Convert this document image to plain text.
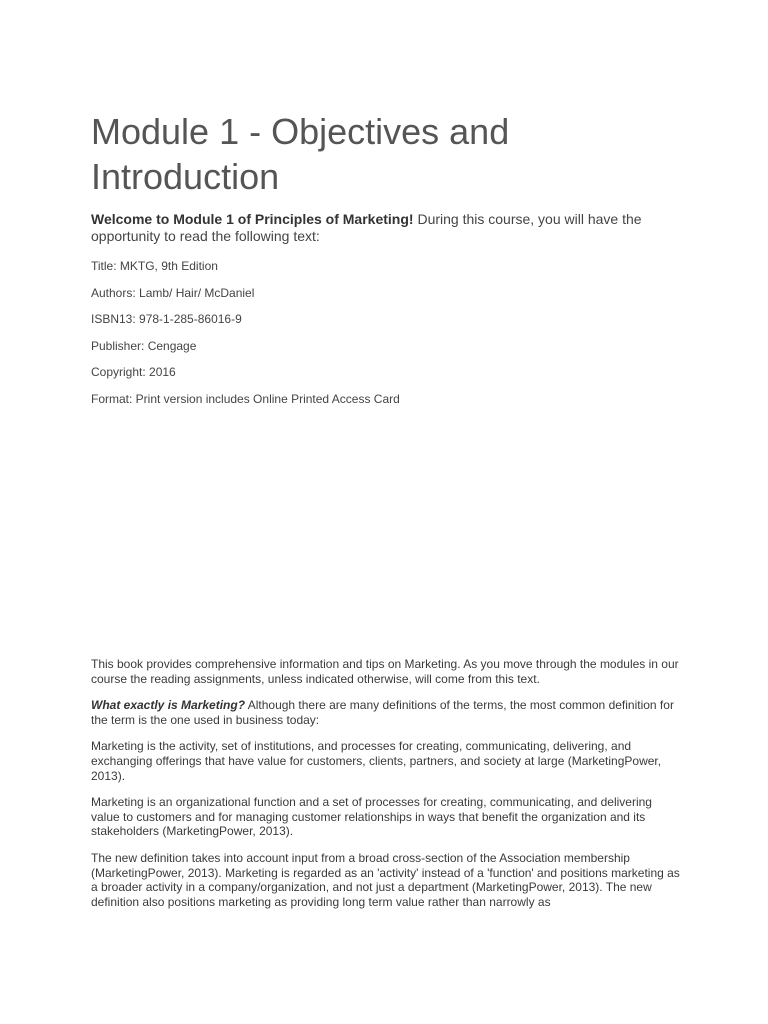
Module 1 - Objectives and Introduction

Welcome to Module 1 of Principles of Marketing! During this course, you will have the opportunity to read the following text:

Title: MKTG, 9th Edition

Authors: Lamb/ Hair/ McDaniel

ISBN13: 978-1-285-86016-9

Publisher: Cengage

Copyright: 2016

Format: Print version includes Online Printed Access Card

This book provides comprehensive information and tips on Marketing. As you move through the modules in our course the reading assignments, unless indicated otherwise, will come from this text.

What exactly is Marketing? Although there are many definitions of the terms, the most common definition for the term is the one used in business today:

Marketing is the activity, set of institutions, and processes for creating, communicating, delivering, and exchanging offerings that have value for customers, clients, partners, and society at large (MarketingPower, 2013).

Marketing is an organizational function and a set of processes for creating, communicating, and delivering value to customers and for managing customer relationships in ways that benefit the organization and its stakeholders (MarketingPower, 2013).

The new definition takes into account input from a broad cross-section of the Association membership (MarketingPower, 2013). Marketing is regarded as an 'activity' instead of a 'function' and positions marketing as a broader activity in a company/organization, and not just a department (MarketingPower, 2013). The new definition also positions marketing as providing long term value rather than narrowly as
